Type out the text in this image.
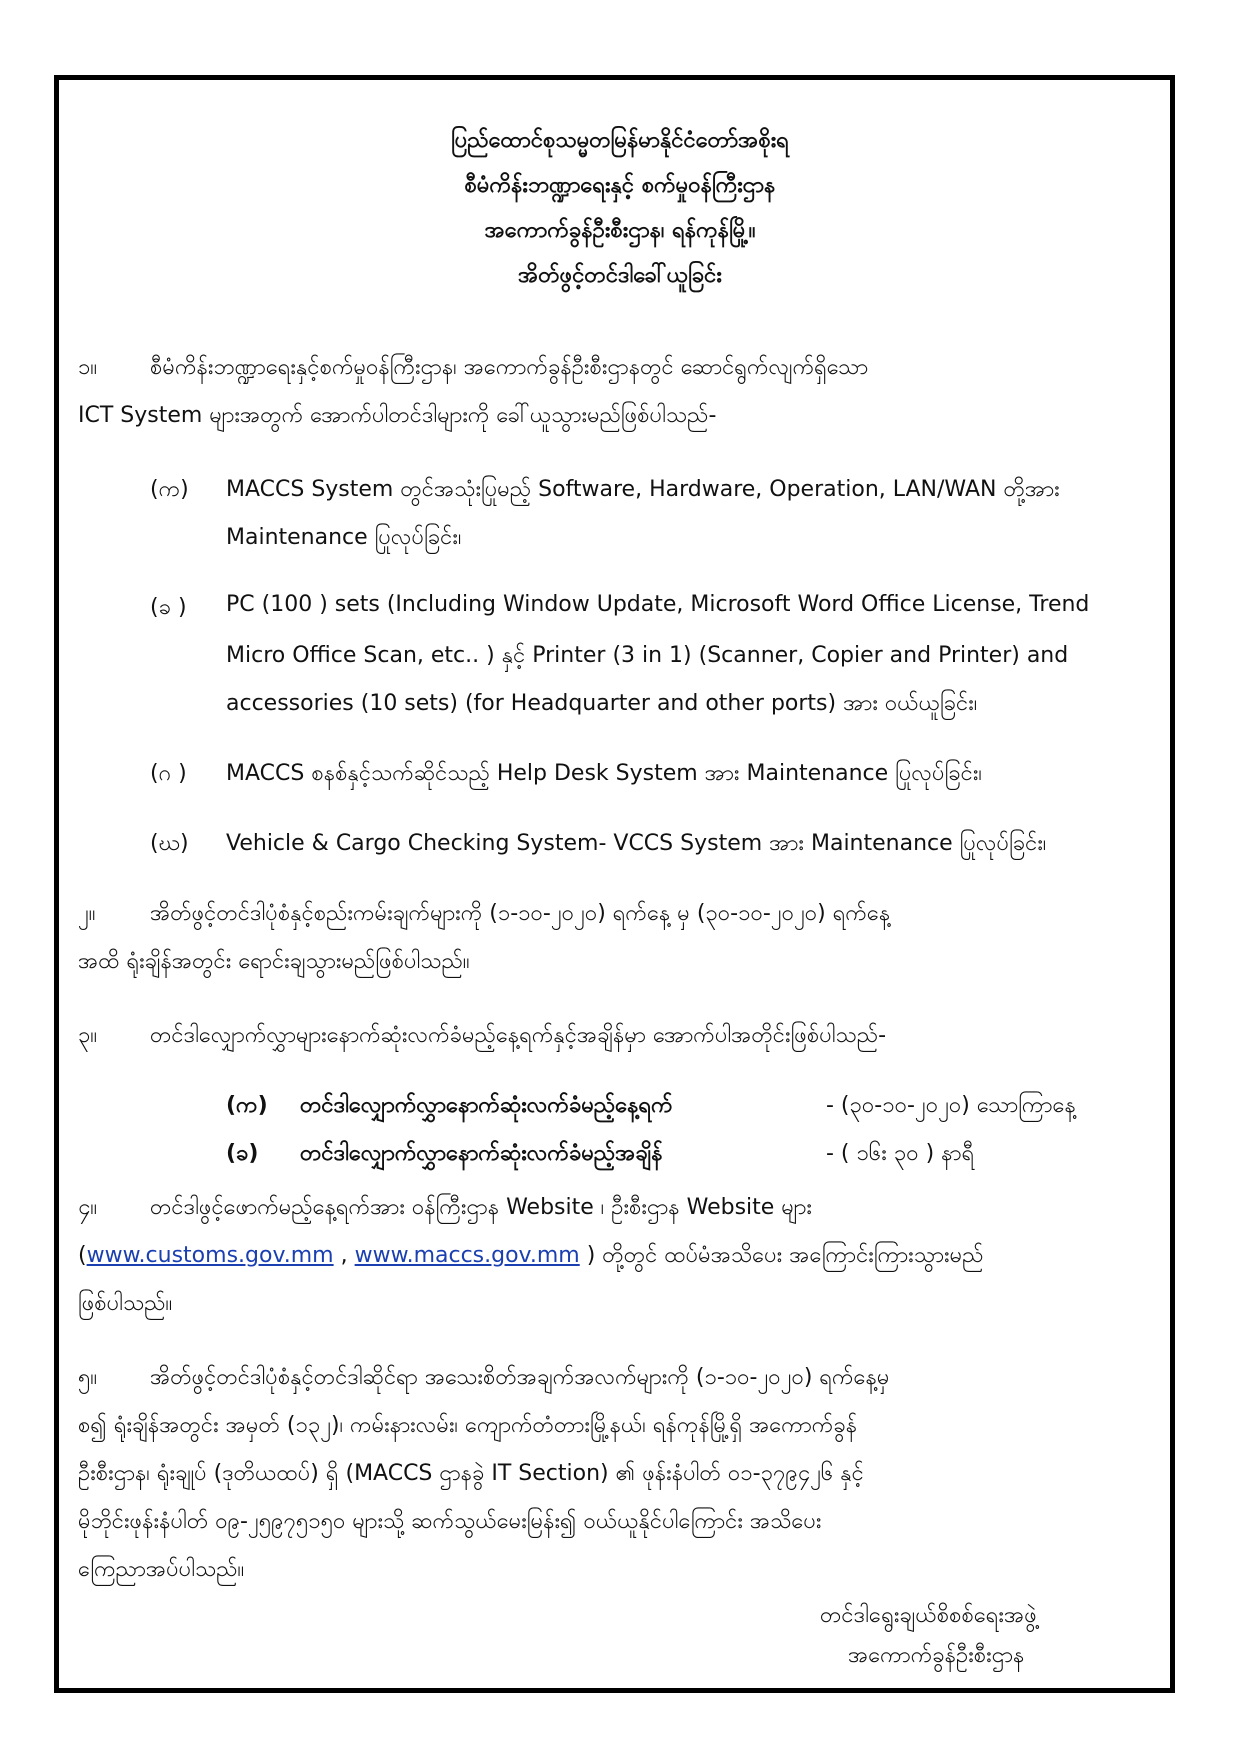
ပြည်ထောင်စုသမ္မတမြန်မာနိုင်ငံတော်အစိုးရ
စီမံကိန်းဘဏ္ဍာရေးနှင့် စက်မှုဝန်ကြီးဌာန
အကောက်ခွန်ဦးစီးဌာန၊ ရန်ကုန်မြို့။
အိတ်ဖွင့်တင်ဒါခေါ်ယူခြင်း
၁။ စီမံကိန်းဘဏ္ဍာရေးနှင့်စက်မှုဝန်ကြီးဌာန၊ အကောက်ခွန်ဦးစီးဌာနတွင် ဆောင်ရွက်လျက်ရှိသော
ICT System များအတွက် အောက်ပါတင်ဒါများကို ခေါ်ယူသွားမည်ဖြစ်ပါသည်-
(က) MACCS System တွင်အသုံးပြုမည့် Software, Hardware, Operation, LAN/WAN တို့အား
Maintenance ပြုလုပ်ခြင်း၊
(ခ ) PC (100 ) sets (Including Window Update, Microsoft Word Office License, Trend
Micro Office Scan, etc.. ) နှင့် Printer (3 in 1) (Scanner, Copier and Printer) and
accessories (10 sets) (for Headquarter and other ports) အား ဝယ်ယူခြင်း၊
(ဂ ) MACCS စနစ်နှင့်သက်ဆိုင်သည့် Help Desk System အား Maintenance ပြုလုပ်ခြင်း၊
(ဃ) Vehicle & Cargo Checking System- VCCS System အား Maintenance ပြုလုပ်ခြင်း၊
၂။ အိတ်ဖွင့်တင်ဒါပုံစံနှင့်စည်းကမ်းချက်များကို (၁-၁၀-၂၀၂၀) ရက်နေ့ မှ (၃၀-၁၀-၂၀၂၀) ရက်နေ့
အထိ ရုံးချိန်အတွင်း ရောင်းချသွားမည်ဖြစ်ပါသည်။
၃။ တင်ဒါလျှောက်လွှာများနောက်ဆုံးလက်ခံမည့်နေ့ရက်နှင့်အချိန်မှာ အောက်ပါအတိုင်းဖြစ်ပါသည်-
(က) တင်ဒါလျှောက်လွှာနောက်ဆုံးလက်ခံမည့်နေ့ရက်	- (၃၀-၁၀-၂၀၂၀) သောကြာနေ့
(ခ) တင်ဒါလျှောက်လွှာနောက်ဆုံးလက်ခံမည့်အချိန်	- ( ၁၆း ၃၀ ) နာရီ
၄။ တင်ဒါဖွင့်ဖောက်မည့်နေ့ရက်အား ဝန်ကြီးဌာန Website ၊ ဦးစီးဌာန Website များ
(www.customs.gov.mm , www.maccs.gov.mm ) တို့တွင် ထပ်မံအသိပေး အကြောင်းကြားသွားမည်
ဖြစ်ပါသည်။
၅။ အိတ်ဖွင့်တင်ဒါပုံစံနှင့်တင်ဒါဆိုင်ရာ အသေးစိတ်အချက်အလက်များကို (၁-၁၀-၂၀၂၀) ရက်နေ့မှ
စ၍ ရုံးချိန်အတွင်း အမှတ် (၁၃၂)၊ ကမ်းနားလမ်း၊ ကျောက်တံတားမြို့နယ်၊ ရန်ကုန်မြို့ရှိ အကောက်ခွန်
ဦးစီးဌာန၊ ရုံးချုပ် (ဒုတိယထပ်) ရှိ (MACCS ဌာနခွဲ IT Section) ၏ ဖုန်းနံပါတ် ၀၁-၃၇၉၄၂၆ နှင့်
မိုဘိုင်းဖုန်းနံပါတ် ၀၉-၂၅၉၇၅၁၅၀ များသို့ ဆက်သွယ်မေးမြန်း၍ ဝယ်ယူနိုင်ပါကြောင်း အသိပေး
ကြေညာအပ်ပါသည်။
တင်ဒါရွေးချယ်စိစစ်ရေးအဖွဲ့
အကောက်ခွန်ဦးစီးဌာန
